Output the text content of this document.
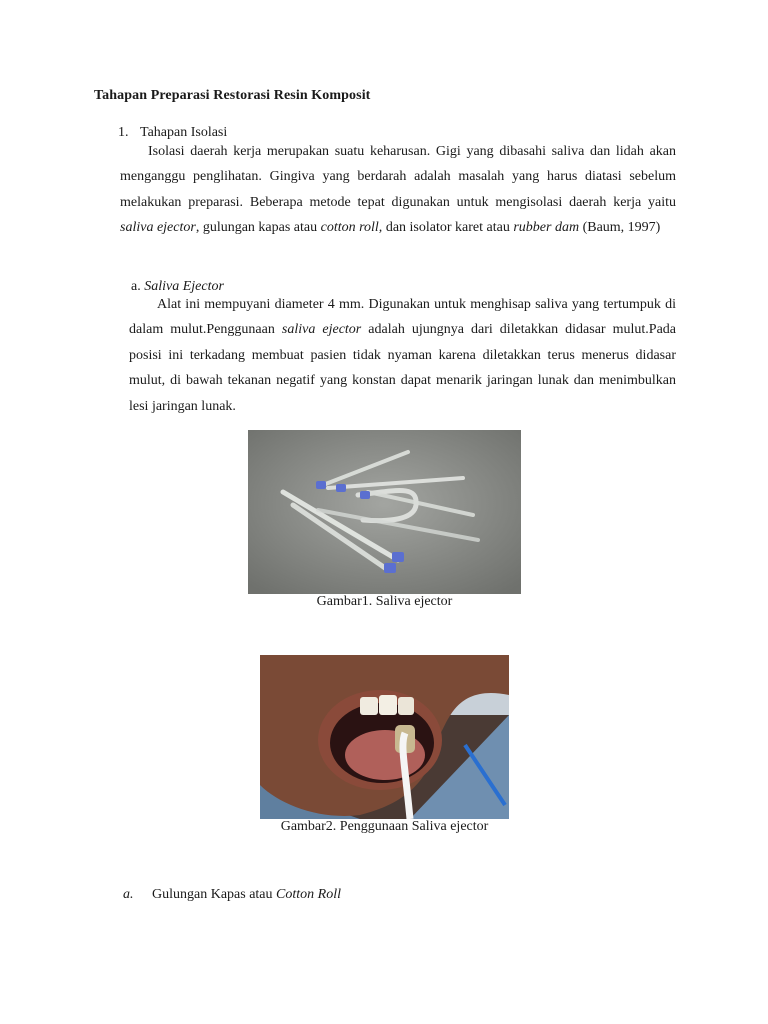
Tahapan Preparasi Restorasi Resin Komposit
1. Tahapan Isolasi
Isolasi daerah kerja merupakan suatu keharusan. Gigi yang dibasahi saliva dan lidah akan menganggu penglihatan. Gingiva yang berdarah adalah masalah yang harus diatasi sebelum melakukan preparasi. Beberapa metode tepat digunakan untuk mengisolasi daerah kerja yaitu saliva ejector, gulungan kapas atau cotton roll, dan isolator karet atau rubber dam (Baum, 1997)
a. Saliva Ejector
Alat ini mempuyani diameter 4 mm. Digunakan untuk menghisap saliva yang tertumpuk di dalam mulut.Penggunaan saliva ejector adalah ujungnya dari diletakkan didasar mulut.Pada posisi ini terkadang membuat pasien tidak nyaman karena diletakkan terus menerus didasar mulut, di bawah tekanan negatif yang konstan dapat menarik jaringan lunak dan menimbulkan lesi jaringan lunak.
Gambar1. Saliva ejector
Gambar2. Penggunaan Saliva ejector
a. Gulungan Kapas atau Cotton Roll
